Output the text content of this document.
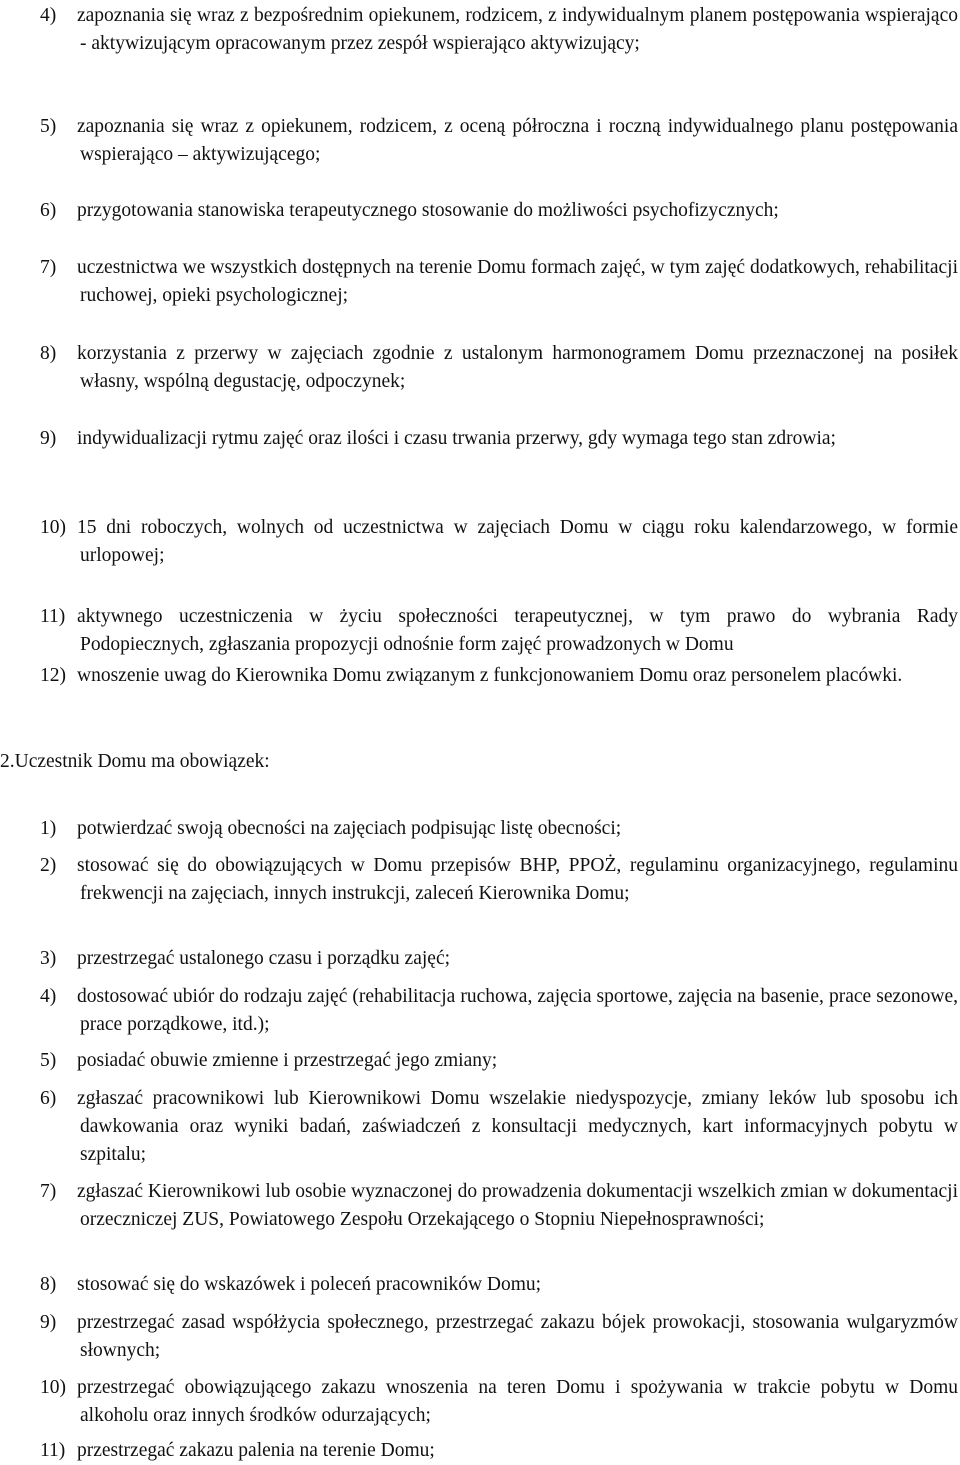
4)	zapoznania się wraz z bezpośrednim opiekunem, rodzicem, z indywidualnym planem postępowania wspierająco - aktywizującym opracowanym przez zespół wspierająco aktywizujący;
5)	zapoznania się wraz z opiekunem, rodzicem, z oceną półroczna i roczną indywidualnego planu postępowania wspierająco – aktywizującego;
6)	przygotowania stanowiska terapeutycznego stosowanie do możliwości psychofizycznych;
7)	uczestnictwa we wszystkich dostępnych na terenie Domu formach zajęć, w tym zajęć dodatkowych, rehabilitacji ruchowej, opieki psychologicznej;
8)	korzystania z przerwy w zajęciach zgodnie z ustalonym harmonogramem Domu przeznaczonej na posiłek własny, wspólną degustację, odpoczynek;
9)	indywidualizacji rytmu zajęć oraz ilości i czasu trwania przerwy, gdy wymaga tego stan zdrowia;
10) 15 dni roboczych, wolnych od uczestnictwa w zajęciach Domu w ciągu roku kalendarzowego, w formie urlopowej;
11) aktywnego uczestniczenia w życiu społeczności terapeutycznej, w tym prawo do wybrania Rady Podopiecznych, zgłaszania propozycji odnośnie form zajęć prowadzonych w Domu
12) wnoszenie uwag do Kierownika Domu związanym z funkcjonowaniem Domu oraz personelem placówki.
2.Uczestnik Domu ma obowiązek:
1)	potwierdzać swoją obecności na zajęciach podpisując listę obecności;
2)	stosować się do obowiązujących w Domu przepisów BHP, PPOŻ, regulaminu organizacyjnego, regulaminu frekwencji na zajęciach, innych instrukcji, zaleceń Kierownika Domu;
3)	przestrzegać ustalonego czasu i porządku zajęć;
4)	dostosować ubiór do rodzaju zajęć (rehabilitacja ruchowa, zajęcia sportowe, zajęcia na basenie, prace sezonowe, prace porządkowe, itd.);
5)	posiadać obuwie zmienne i przestrzegać jego zmiany;
6)	zgłaszać pracownikowi lub Kierownikowi Domu wszelakie niedyspozycje, zmiany leków lub sposobu ich dawkowania oraz wyniki badań, zaświadczeń z konsultacji medycznych, kart informacyjnych pobytu w szpitalu;
7)	zgłaszać Kierownikowi lub osobie wyznaczonej do prowadzenia dokumentacji wszelkich zmian w dokumentacji orzeczniczej ZUS, Powiatowego Zespołu Orzekającego o Stopniu Niepełnosprawności;
8)	stosować się do wskazówek i poleceń pracowników Domu;
9)	przestrzegać zasad współżycia społecznego, przestrzegać zakazu bójek prowokacji, stosowania wulgaryzmów słownych;
10) przestrzegać obowiązującego zakazu wnoszenia na teren Domu i spożywania w trakcie pobytu w Domu alkoholu oraz innych środków odurzających;
11) przestrzegać zakazu palenia na terenie Domu;
